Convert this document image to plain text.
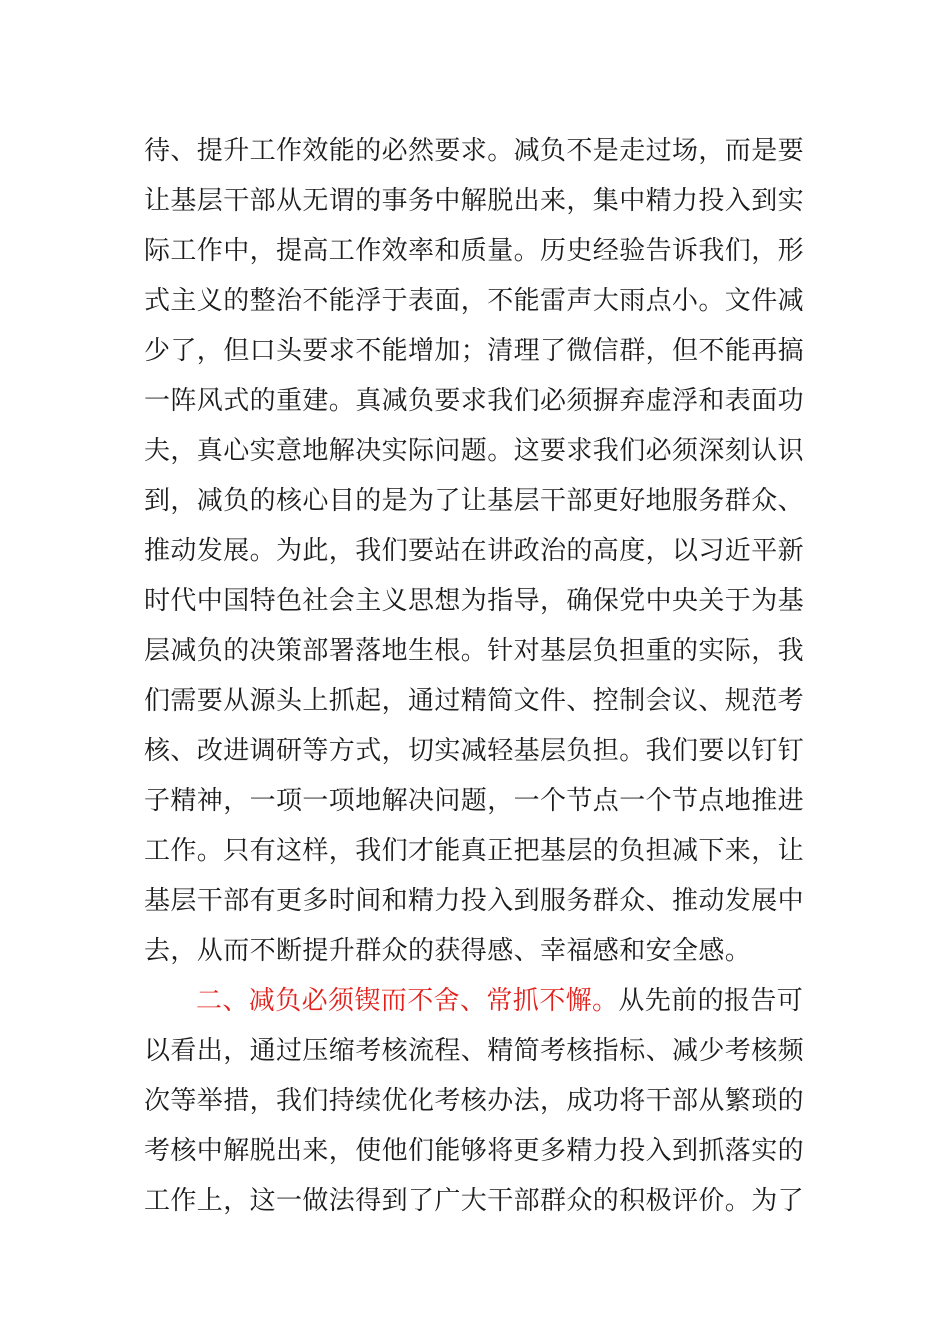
待、提升工作效能的必然要求。减负不是走过场，而是要
让基层干部从无谓的事务中解脱出来，集中精力投入到实
际工作中，提高工作效率和质量。历史经验告诉我们，形
式主义的整治不能浮于表面，不能雷声大雨点小。文件减
少了，但口头要求不能增加；清理了微信群，但不能再搞
一阵风式的重建。真减负要求我们必须摒弃虚浮和表面功
夫，真心实意地解决实际问题。这要求我们必须深刻认识
到，减负的核心目的是为了让基层干部更好地服务群众、
推动发展。为此，我们要站在讲政治的高度，以习近平新
时代中国特色社会主义思想为指导，确保党中央关于为基
层减负的决策部署落地生根。针对基层负担重的实际，我
们需要从源头上抓起，通过精简文件、控制会议、规范考
核、改进调研等方式，切实减轻基层负担。我们要以钉钉
子精神，一项一项地解决问题，一个节点一个节点地推进
工作。只有这样，我们才能真正把基层的负担减下来，让
基层干部有更多时间和精力投入到服务群众、推动发展中
去，从而不断提升群众的获得感、幸福感和安全感。
二、减负必须锲而不舍、常抓不懈。从先前的报告可
以看出，通过压缩考核流程、精简考核指标、减少考核频
次等举措，我们持续优化考核办法，成功将干部从繁琐的
考核中解脱出来，使他们能够将更多精力投入到抓落实的
工作上，这一做法得到了广大干部群众的积极评价。为了
